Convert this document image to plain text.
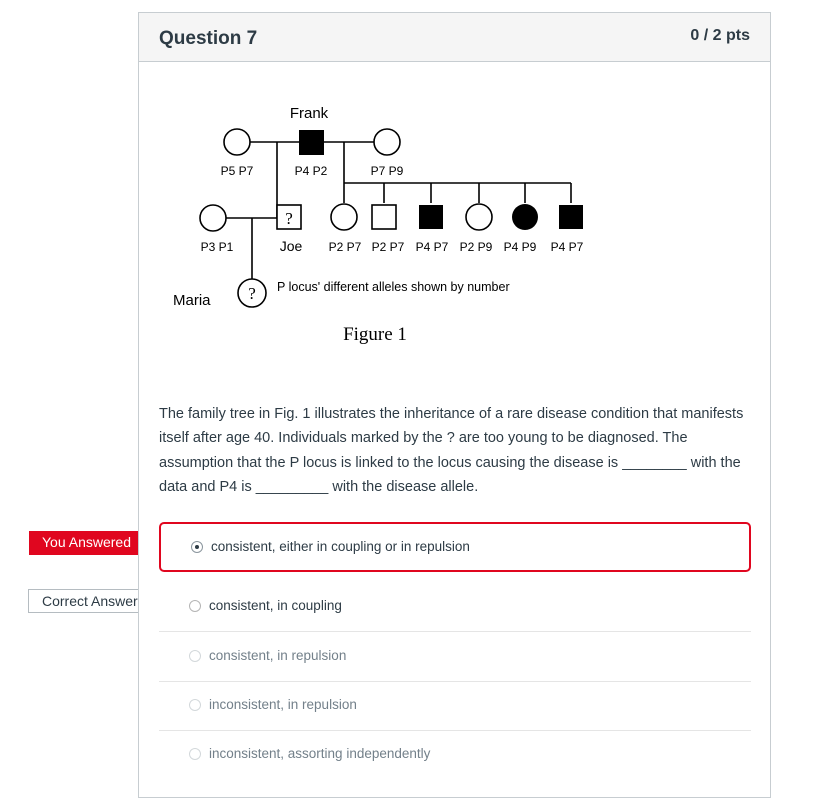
You Answered
Correct Answer
Question 7	0 / 2 pts
?
?
Frank
P5 P7	P4 P2	P7 P9
P3 P1	Joe P2 P7 P2 P7 P4 P7 P2 P9 P4 P9 P4 P7
Maria
P locus' different alleles shown by number
Figure 1
The family tree in Fig. 1 illustrates the inheritance of a rare disease condition that manifests itself after age 40. Individuals marked by the ? are too young to be diagnosed. The assumption that the P locus is linked to the locus causing the disease is ________ with the data and P4 is _________ with the disease allele.
consistent, either in coupling or in repulsion
consistent, in coupling
consistent, in repulsion
inconsistent, in repulsion
inconsistent, assorting independently
